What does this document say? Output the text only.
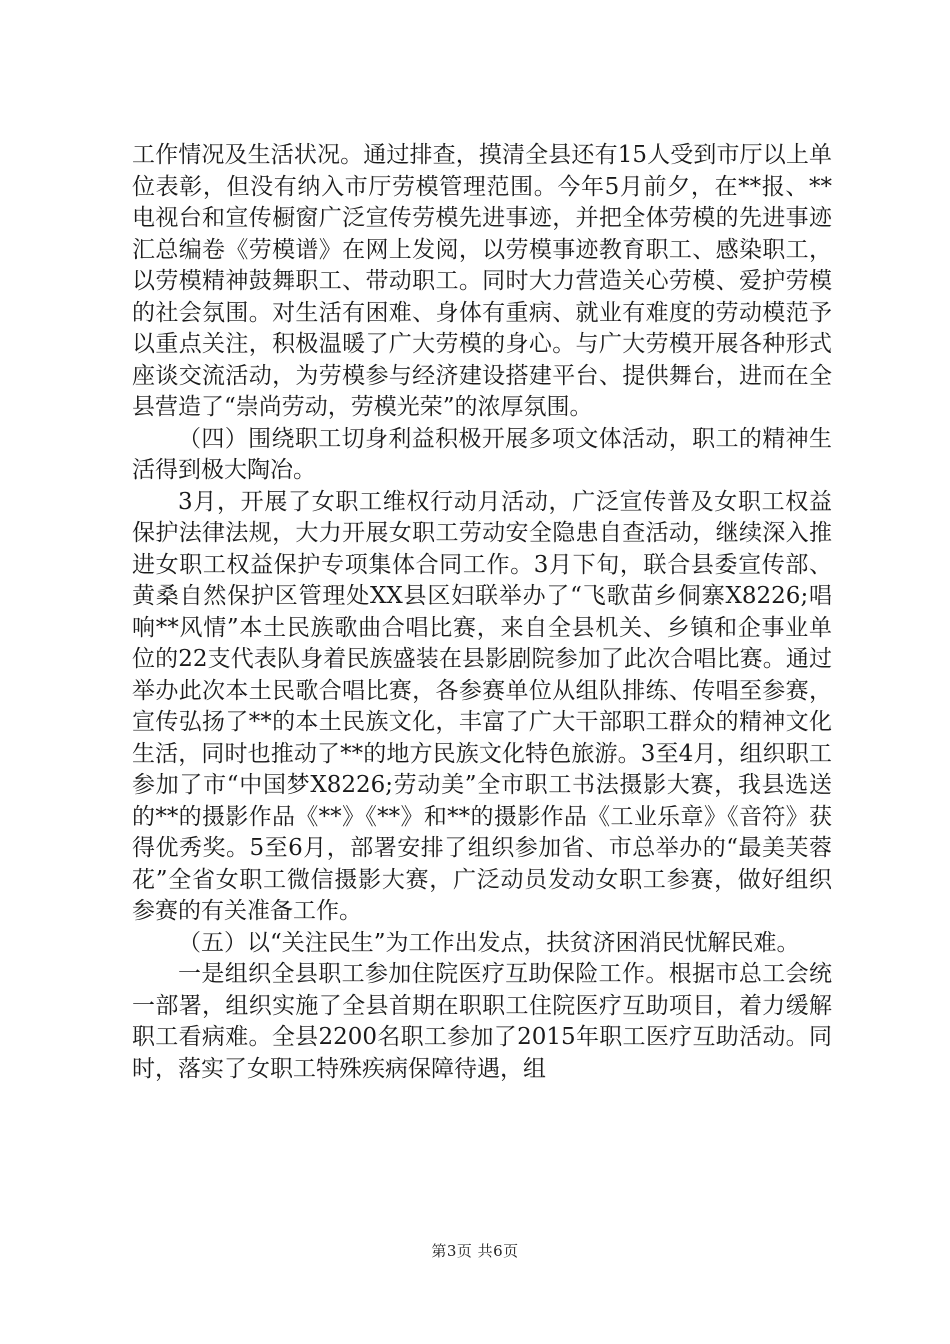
工作情况及生活状况。通过排查，摸清全县还有15人受到市厅以上单位表彰，但没有纳入市厅劳模管理范围。今年5月前夕，在**报、**电视台和宣传橱窗广泛宣传劳模先进事迹，并把全体劳模的先进事迹汇总编卷《劳模谱》在网上发阅，以劳模事迹教育职工、感染职工，以劳模精神鼓舞职工、带动职工。同时大力营造关心劳模、爱护劳模的社会氛围。对生活有困难、身体有重病、就业有难度的劳动模范予以重点关注，积极温暖了广大劳模的身心。与广大劳模开展各种形式座谈交流活动，为劳模参与经济建设搭建平台、提供舞台，进而在全县营造了“崇尚劳动，劳模光荣”的浓厚氛围。

（四）围绕职工切身利益积极开展多项文体活动，职工的精神生活得到极大陶冶。

3月，开展了女职工维权行动月活动，广泛宣传普及女职工权益保护法律法规，大力开展女职工劳动安全隐患自查活动，继续深入推进女职工权益保护专项集体合同工作。3月下旬，联合县委宣传部、黄桑自然保护区管理处XX县区妇联举办了“飞歌苗乡侗寨X8226;唱响**风情”本土民族歌曲合唱比赛，来自全县机关、乡镇和企事业单位的22支代表队身着民族盛装在县影剧院参加了此次合唱比赛。通过举办此次本土民歌合唱比赛，各参赛单位从组队排练、传唱至参赛，宣传弘扬了**的本土民族文化，丰富了广大干部职工群众的精神文化生活，同时也推动了**的地方民族文化特色旅游。3至4月，组织职工参加了市“中国梦X8226;劳动美”全市职工书法摄影大赛，我县选送的**的摄影作品《**》《**》和**的摄影作品《工业乐章》《音符》获得优秀奖。5至6月，部署安排了组织参加省、市总举办的“最美芙蓉花”全省女职工微信摄影大赛，广泛动员发动女职工参赛，做好组织参赛的有关准备工作。

（五）以“关注民生”为工作出发点，扶贫济困消民忧解民难。

一是组织全县职工参加住院医疗互助保险工作。根据市总工会统一部署，组织实施了全县首期在职职工住院医疗互助项目，着力缓解职工看病难。全县2200名职工参加了2015年职工医疗互助活动。同时，落实了女职工特殊疾病保障待遇，组

第3页 共6页
